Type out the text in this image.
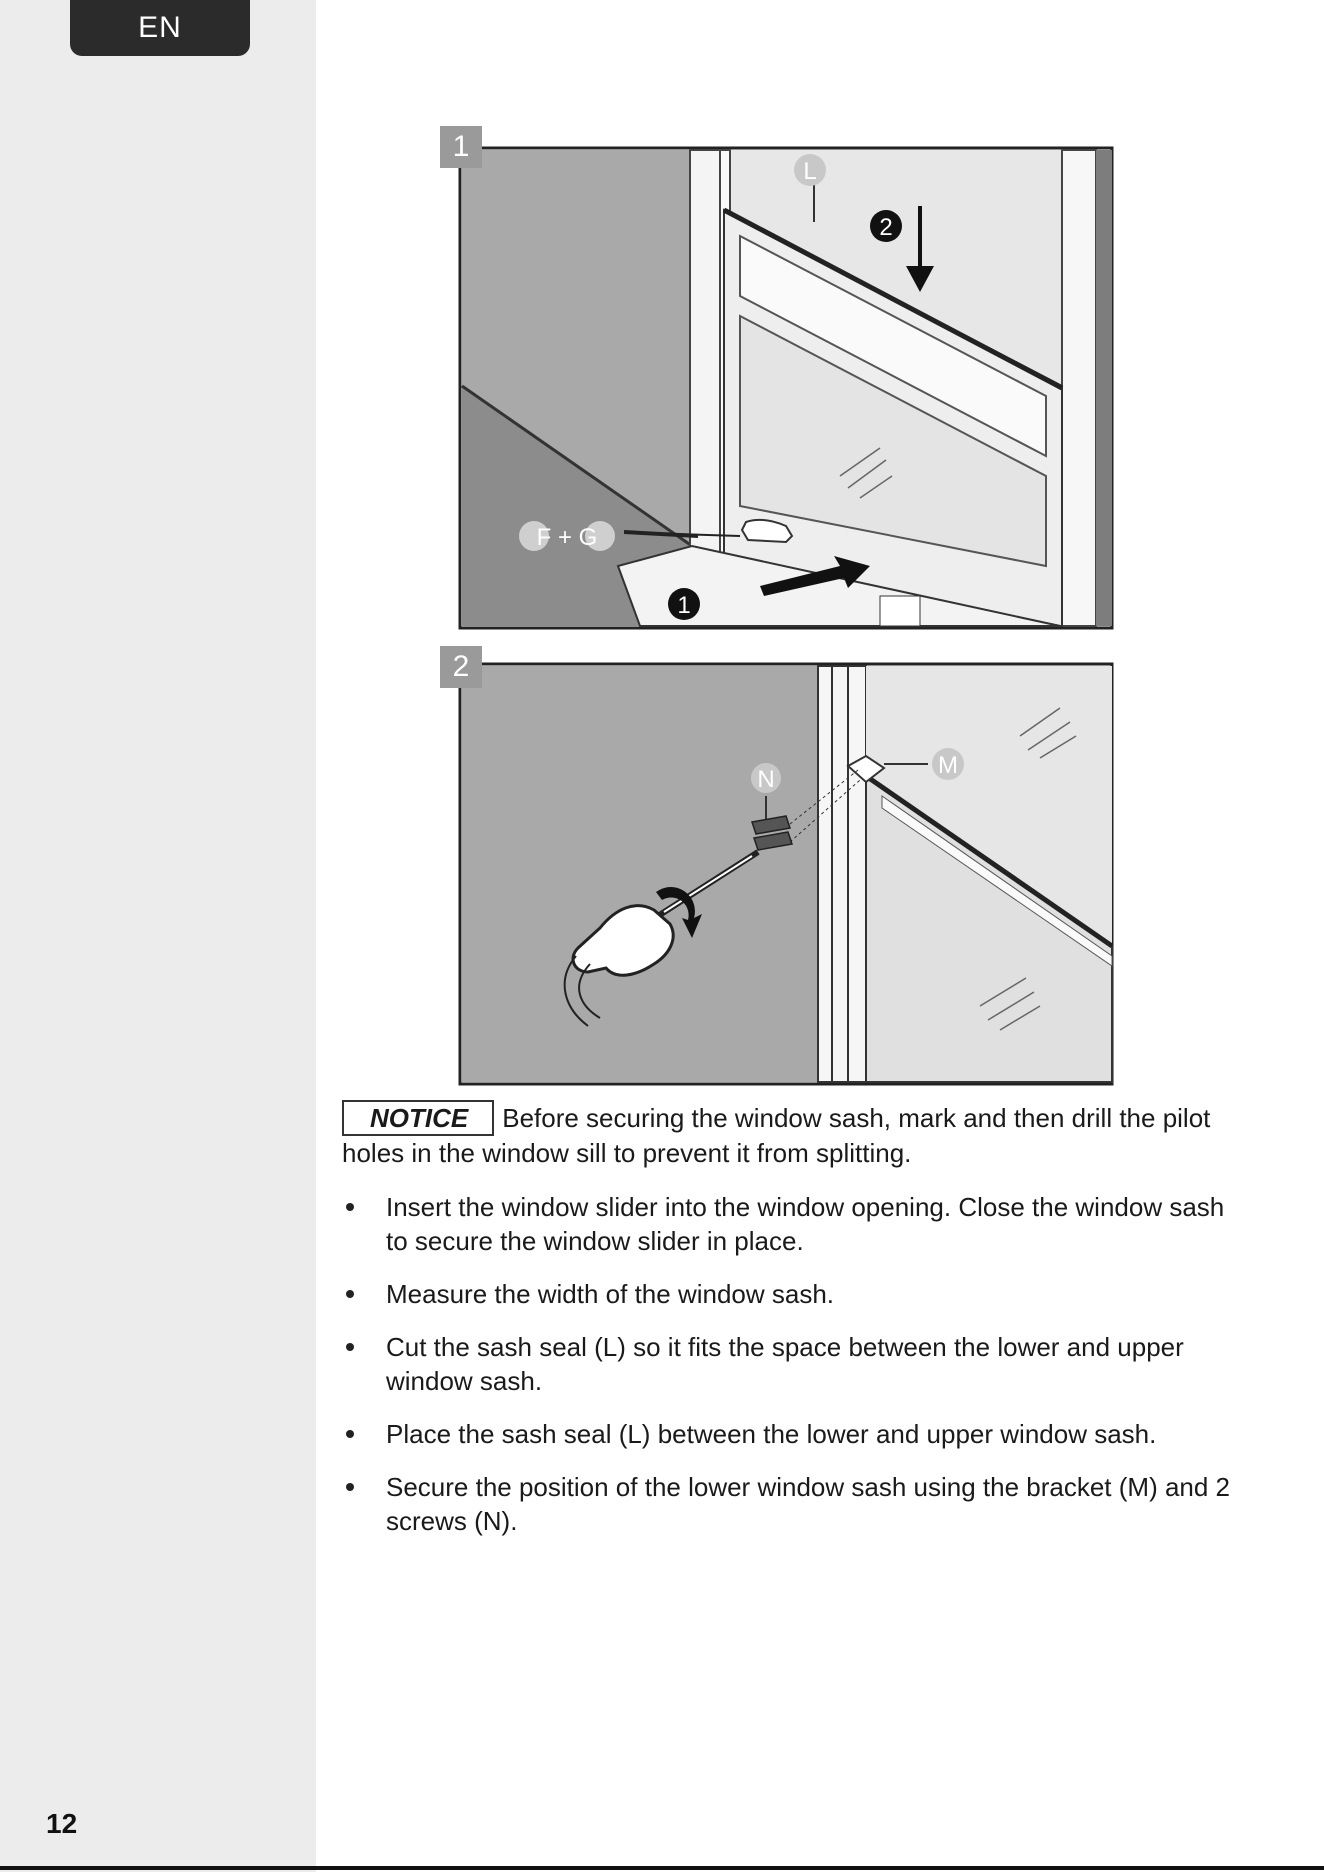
EN
12
L
2
1
F + G
1
N
M
2

NOTICE Before securing the window sash, mark and then drill the pilot holes in the window sill to prevent it from splitting.

Insert the window slider into the window opening. Close the window sash to secure the window slider in place.
Measure the width of the window sash.
Cut the sash seal (L) so it fits the space between the lower and upper window sash.
Place the sash seal (L) between the lower and upper window sash.
Secure the position of the lower window sash using the bracket (M) and 2 screws (N).
